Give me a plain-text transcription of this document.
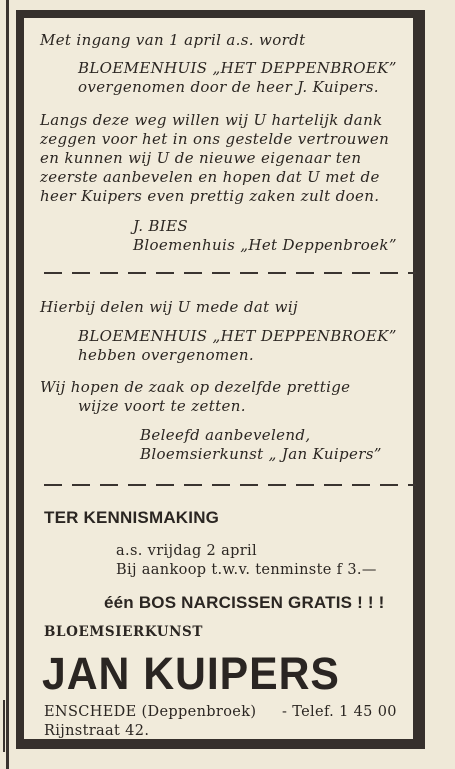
Met ingang van 1 april a.s. wordt
BLOEMENHUIS „HET DEPPENBROEK”
overgenomen door de heer J. Kuipers.
Langs deze weg willen wij U hartelijk dank
zeggen voor het in ons gestelde vertrouwen
en kunnen wij U de nieuwe eigenaar ten
zeerste aanbevelen en hopen dat U met de
heer Kuipers even prettig zaken zult doen.
J. BIES
Bloemenhuis „Het Deppenbroek”
Hierbij delen wij U mede dat wij
BLOEMENHUIS „HET DEPPENBROEK”
hebben overgenomen.
Wij hopen de zaak op dezelfde prettige
wijze voort te zetten.
Beleefd aanbevelend,
Bloemsierkunst „ Jan Kuipers”
TER KENNISMAKING
a.s. vrijdag 2 april
Bij aankoop t.w.v. tenminste f 3.—
één BOS NARCISSEN GRATIS ! ! !
BLOEMSIERKUNST
JAN KUIPERS
ENSCHEDE (Deppenbroek) - Telef. 1 45 00
Rijnstraat 42.
